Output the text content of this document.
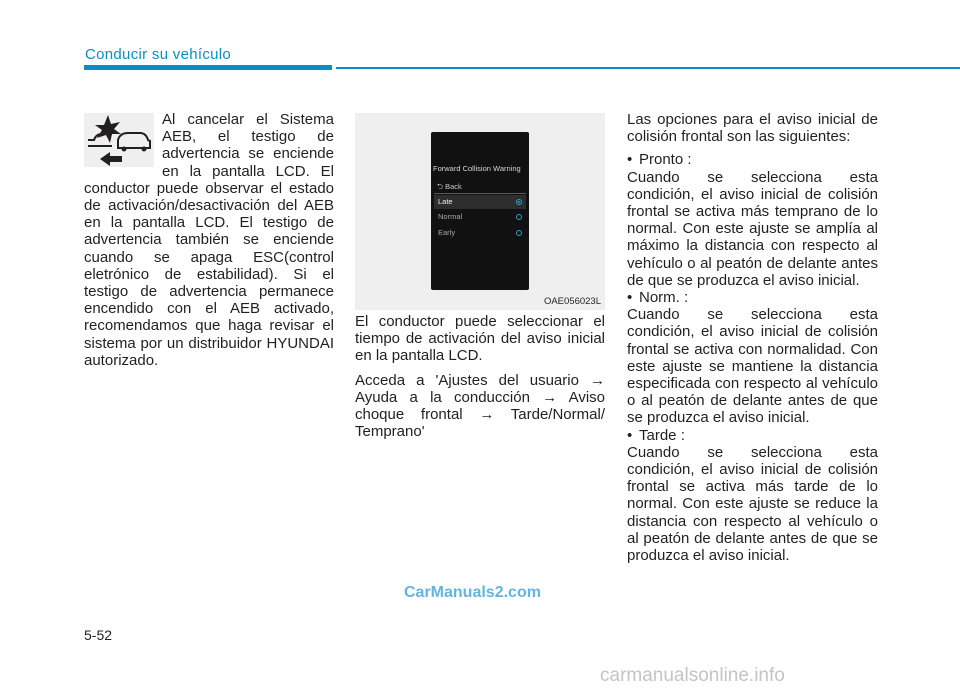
Conducir su vehículo

Al cancelar el Sistema AEB, el testigo de advertencia se enciende en la pantalla LCD. El conductor puede observar el estado de activación/desactivación del AEB en la pantalla LCD. El testigo de advertencia también se enciende cuando se apaga ESC(control eletrónico de estabilidad). Si el testigo de advertencia permanece encendido con el AEB activado, recomendamos que haga revisar el sistema por un distribuidor HYUNDAI autorizado.

Forward Collision Warning
⮌ Back
Late
Normal
Early
OAE056023L

El conductor puede seleccionar el tiempo de activación del aviso inicial en la pantalla LCD.

Acceda a 'Ajustes del usuario → Ayuda a la conducción → Aviso choque frontal → Tarde/Normal/ Temprano'

Las opciones para el aviso inicial de colisión frontal son las siguientes:

• Pronto :

Cuando se selecciona esta condición, el aviso inicial de colisión frontal se activa más temprano de lo normal. Con este ajuste se amplía al máximo la distancia con respecto al vehículo o al peatón de delante antes de que se produzca el aviso inicial.

• Norm. :

Cuando se selecciona esta condición, el aviso inicial de colisión frontal se activa con normalidad. Con este ajuste se mantiene la distancia especificada con respecto al vehículo o al peatón de delante antes de que se produzca el aviso inicial.

• Tarde :

Cuando se selecciona esta condición, el aviso inicial de colisión frontal se activa más tarde de lo normal. Con este ajuste se reduce la distancia con respecto al vehículo o al peatón de delante antes de que se produzca el aviso inicial.

CarManuals2.com
5-52
carmanualsonline.info
